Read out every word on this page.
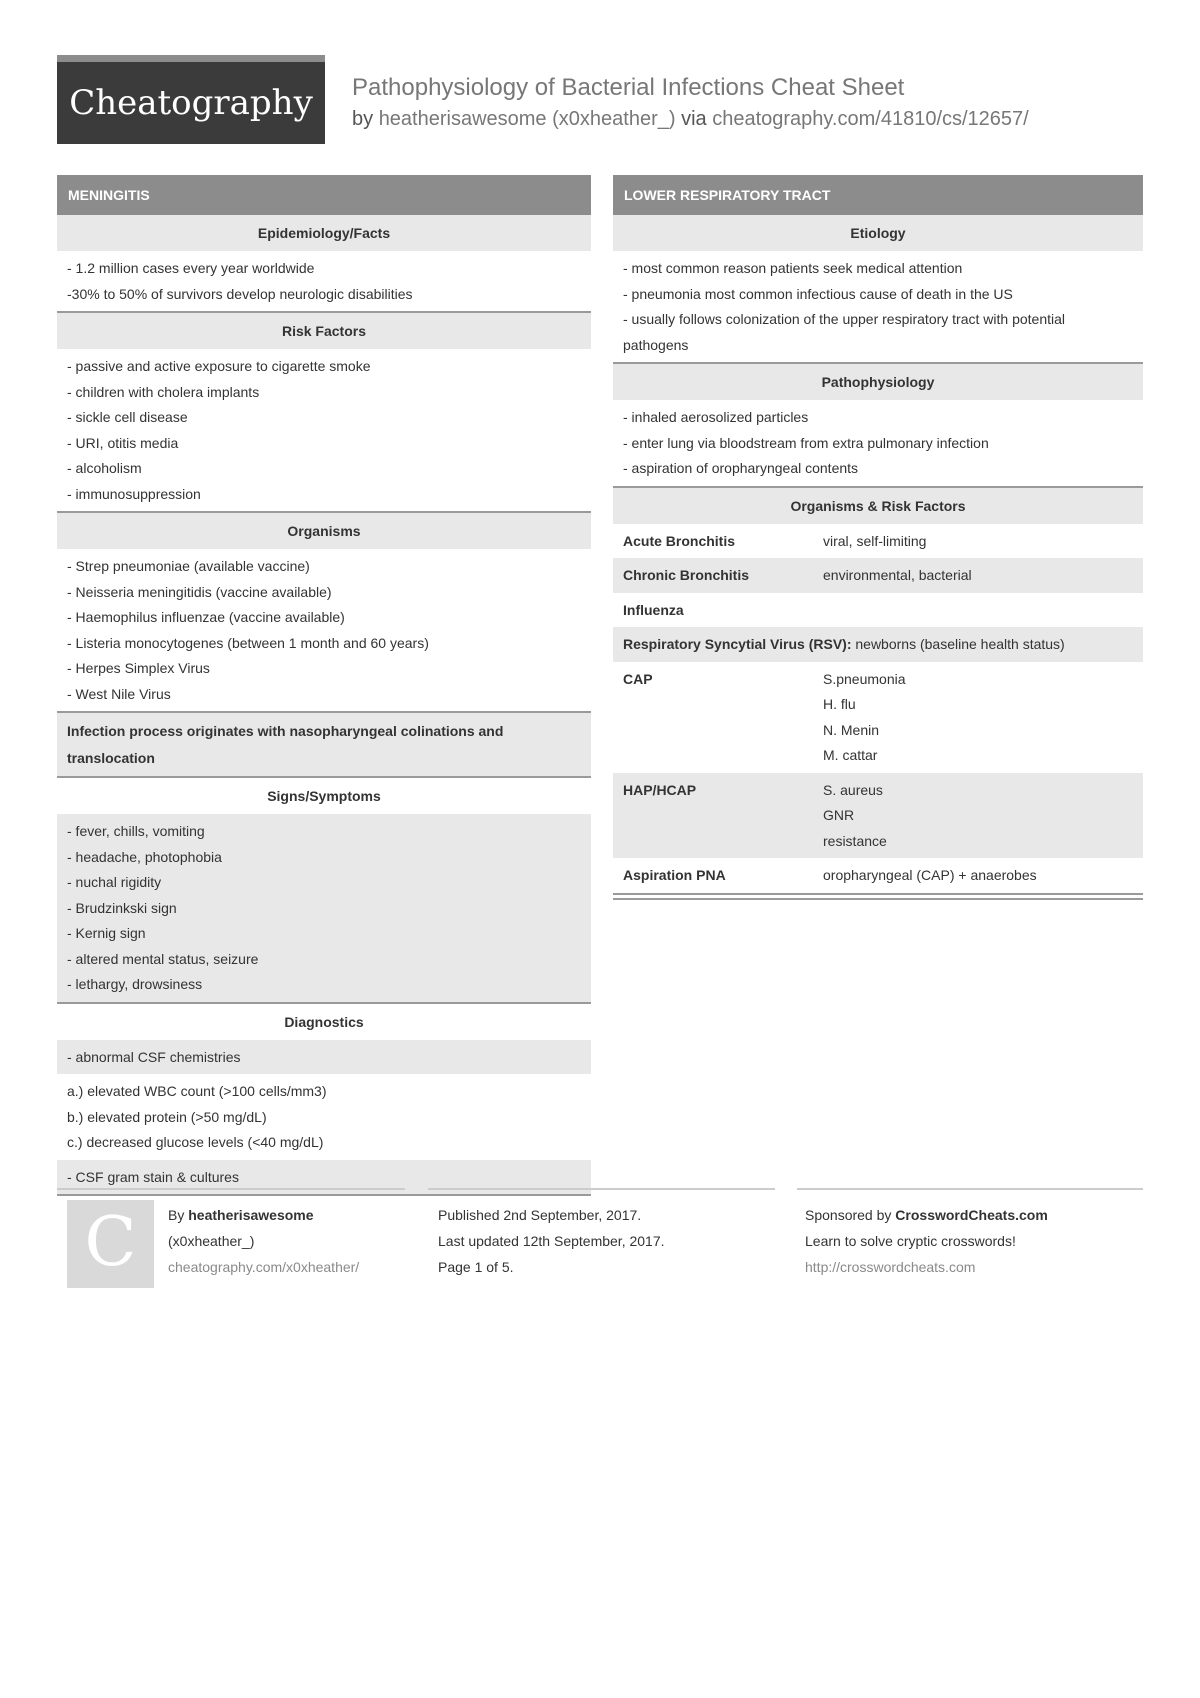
Cheatography	Pathophysiology of Bacterial Infections Cheat Sheet
by heatherisawesome (x0xheather_) via cheatography.com/41810/cs/12657/
MENINGITIS
Epidemiology/Facts
- 1.2 million cases every year worldwide
-30% to 50% of survivors develop neurologic disabilities
Risk Factors
- passive and active exposure to cigarette smoke
- children with cholera implants
- sickle cell disease
- URI, otitis media
- alcoholism
- immunosuppression
Organisms
- Strep pneumoniae (available vaccine)
- Neisseria meningitidis (vaccine available)
- Haemophilus influenzae (vaccine available)
- Listeria monocytogenes (between 1 month and 60 years)
- Herpes Simplex Virus
- West Nile Virus
Infection process originates with nasopharyngeal colinations and translocation
Signs/Symptoms
- fever, chills, vomiting
- headache, photophobia
- nuchal rigidity
- Brudzinkski sign
- Kernig sign
- altered mental status, seizure
- lethargy, drowsiness
Diagnostics
- abnormal CSF chemistries
a.) elevated WBC count (>100 cells/mm3)
b.) elevated protein (>50 mg/dL)
c.) decreased glucose levels (<40 mg/dL)
- CSF gram stain & cultures
LOWER RESPIRATORY TRACT
Etiology
- most common reason patients seek medical attention
- pneumonia most common infectious cause of death in the US
- usually follows colonization of the upper respiratory tract with potential pathogens
Pathophysiology
- inhaled aerosolized particles
- enter lung via bloodstream from extra pulmonary infection
- aspiration of oropharyngeal contents
Organisms & Risk Factors
Acute Bronchitis	viral, self-limiting
Chronic Bronchitis	environmental, bacterial
Influenza
Respiratory Syncytial Virus (RSV): newborns (baseline health status)
CAP	S.pneumonia
H. flu
N. Menin
M. cattar
HAP/HCAP	S. aureus
GNR
resistance
Aspiration PNA	oropharyngeal (CAP) + anaerobes
C	By heatherisawesome
(x0xheather_)
cheatography.com/x0xheather/
Published 2nd September, 2017.
Last updated 12th September, 2017.
Page 1 of 5.
Sponsored by CrosswordCheats.com
Learn to solve cryptic crosswords!
http://crosswordcheats.com
